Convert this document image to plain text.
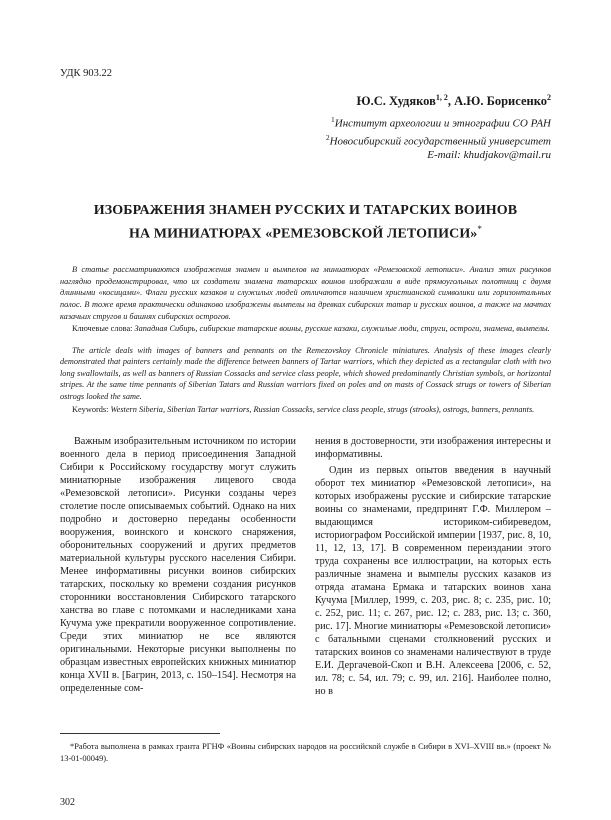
УДК 903.22

Ю.С. Худяков$^{1, 2}$, А.Ю. Борисенко$^2$
$^1$Институт археологии и этнографии СО РАН
$^2$Новосибирский государственный университет
E-mail: khudjakov@mail.ru
ИЗОБРАЖЕНИЯ ЗНАМЕН РУССКИХ И ТАТАРСКИХ ВОИНОВ
НА МИНИАТЮРАХ «РЕМЕЗОВСКОЙ ЛЕТОПИСИ»*

В статье рассматриваются изображения знамен и вымпелов на миниатюрах «Ремезовской летописи». Анализ этих рисунков наглядно продемонстрировал, что их создатели знамена татарских воинов изображали в виде прямоугольных полотнищ с двумя длинными «косицами». Флаги русских казаков и служилых людей отличаются наличием христианской символики или горизонтальных полос. В тоже время практически одинаково изображены вымпелы на древках сибирских татар и русских воинов, а также на мачтах казачьих стругов и башнях сибирских острогов.

Ключевые слова: Западная Сибирь, сибирские татарские воины, русские казаки, служилые люди, струги, остроги, знамена, вымпелы.

The article deals with images of banners and pennants on the Remezovskoy Chronicle miniatures. Analysis of these images clearly demonstrated that painters certainly made the difference between banners of Tartar warriors, which they depicted as a rectangular cloth with two long swallowtails, as well as banners of Russian Cossacks and service class people, which showed predominantly Christian symbols, or horizontal stripes. At the same time pennants of Siberian Tatars and Russian warriors fixed on poles and on masts of Cossack strugs or towers of Siberian ostrogs looked the same.

Keywords: Western Siberia, Siberian Tartar warriors, Russian Cossacks, service class people, strugs (strooks), ostrogs, banners, pennants.

Важным изобразительным источником по истории военного дела в период присоединения Западной Сибири к Российскому государству могут служить миниатюрные изображения лицевого свода «Ремезовской летописи». Рисунки созданы через столетие после описываемых событий. Однако на них подробно и достоверно переданы особенности вооружения, воинского и конского снаряжения, оборонительных сооружений и других предметов материальной культуры русского населения Сибири. Менее информативны рисунки воинов сибирских татарских, поскольку ко времени создания рисунков сторонники восстановления Сибирского татарского ханства во главе с потомками и наследниками хана Кучума уже прекратили вооруженное сопротивление. Среди этих миниатюр не все являются оригинальными. Некоторые рисунки выполнены по образцам известных европейских книжных миниатюр конца XVII в. [Багрин, 2013, с. 150–154]. Несмотря на определенные сом-

нения в достоверности, эти изображения интересны и информативны.

Один из первых опытов введения в научный оборот тех миниатюр «Ремезовской летописи», на которых изображены русские и сибирские татарские воины со знаменами, предпринят Г.Ф. Миллером – выдающимся историком-сибиреведом, историографом Российской империи [1937, рис. 8, 10, 11, 12, 13, 17]. В современном переиздании этого труда сохранены все иллюстрации, на которых есть различные знамена и вымпелы русских казаков из отряда атамана Ермака и татарских воинов хана Кучума [Миллер, 1999, с. 203, рис. 8; с. 235, рис. 10; с. 252, рис. 11; с. 267, рис. 12; с. 283, рис. 13; с. 360, рис. 17]. Многие миниатюры «Ремезовской летописи» с батальными сценами столкновений русских и татарских воинов со знаменами наличествуют в труде Е.И. Дергачевой-Скоп и В.Н. Алексеева [2006, с. 52, ил. 78; с. 54, ил. 79; с. 99, ил. 216]. Наиболее полно, но в

*Работа выполнена в рамках гранта РГНФ «Воины сибирских народов на российской службе в Сибири в XVI–XVIII вв.» (проект № 13-01-00049).
302
